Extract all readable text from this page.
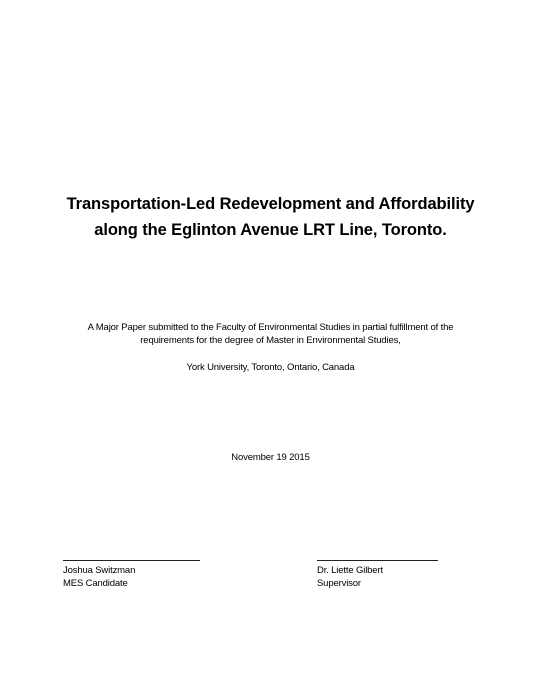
Transportation-Led Redevelopment and Affordability
along the Eglinton Avenue LRT Line, Toronto.
A Major Paper submitted to the Faculty of Environmental Studies in partial fulfillment of the
requirements for the degree of Master in Environmental Studies,
York University, Toronto, Ontario, Canada
November 19 2015
Joshua Switzman
MES Candidate
Dr. Liette Gilbert
Supervisor
